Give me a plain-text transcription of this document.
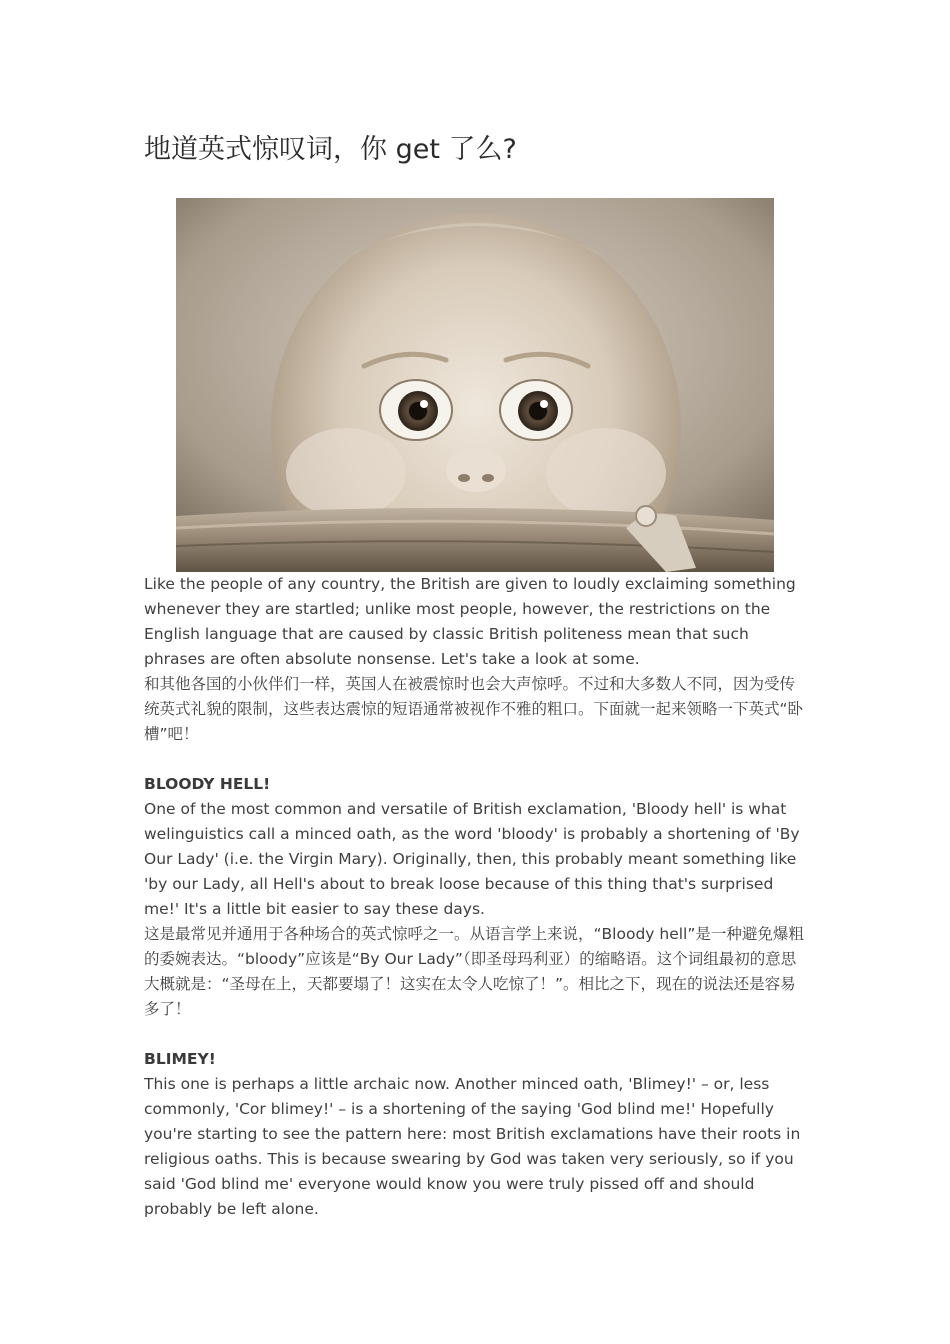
地道英式惊叹词，你 get 了么?

Like the people of any country, the British are given to loudly exclaiming something whenever they are startled; unlike most people, however, the restrictions on the English language that are caused by classic British politeness mean that such phrases are often absolute nonsense. Let's take a look at some.

和其他各国的小伙伴们一样，英国人在被震惊时也会大声惊呼。不过和大多数人不同，因为受传统英式礼貌的限制，这些表达震惊的短语通常被视作不雅的粗口。下面就一起来领略一下英式“卧槽”吧！

BLOODY HELL!

One of the most common and versatile of British exclamation, 'Bloody hell' is what welinguistics call a minced oath, as the word 'bloody' is probably a shortening of 'By Our Lady' (i.e. the Virgin Mary). Originally, then, this probably meant something like 'by our Lady, all Hell's about to break loose because of this thing that's surprised me!' It's a little bit easier to say these days.

这是最常见并通用于各种场合的英式惊呼之一。从语言学上来说，“Bloody hell”是一种避免爆粗的委婉表达。“bloody”应该是“By Our Lady”（即圣母玛利亚）的缩略语。这个词组最初的意思大概就是：“圣母在上，天都要塌了！这实在太令人吃惊了！”。相比之下，现在的说法还是容易多了！

BLIMEY!

This one is perhaps a little archaic now. Another minced oath, 'Blimey!' – or, less commonly, 'Cor blimey!' – is a shortening of the saying 'God blind me!' Hopefully you're starting to see the pattern here: most British exclamations have their roots in religious oaths. This is because swearing by God was taken very seriously, so if you said 'God blind me' everyone would know you were truly pissed off and should probably be left alone.
